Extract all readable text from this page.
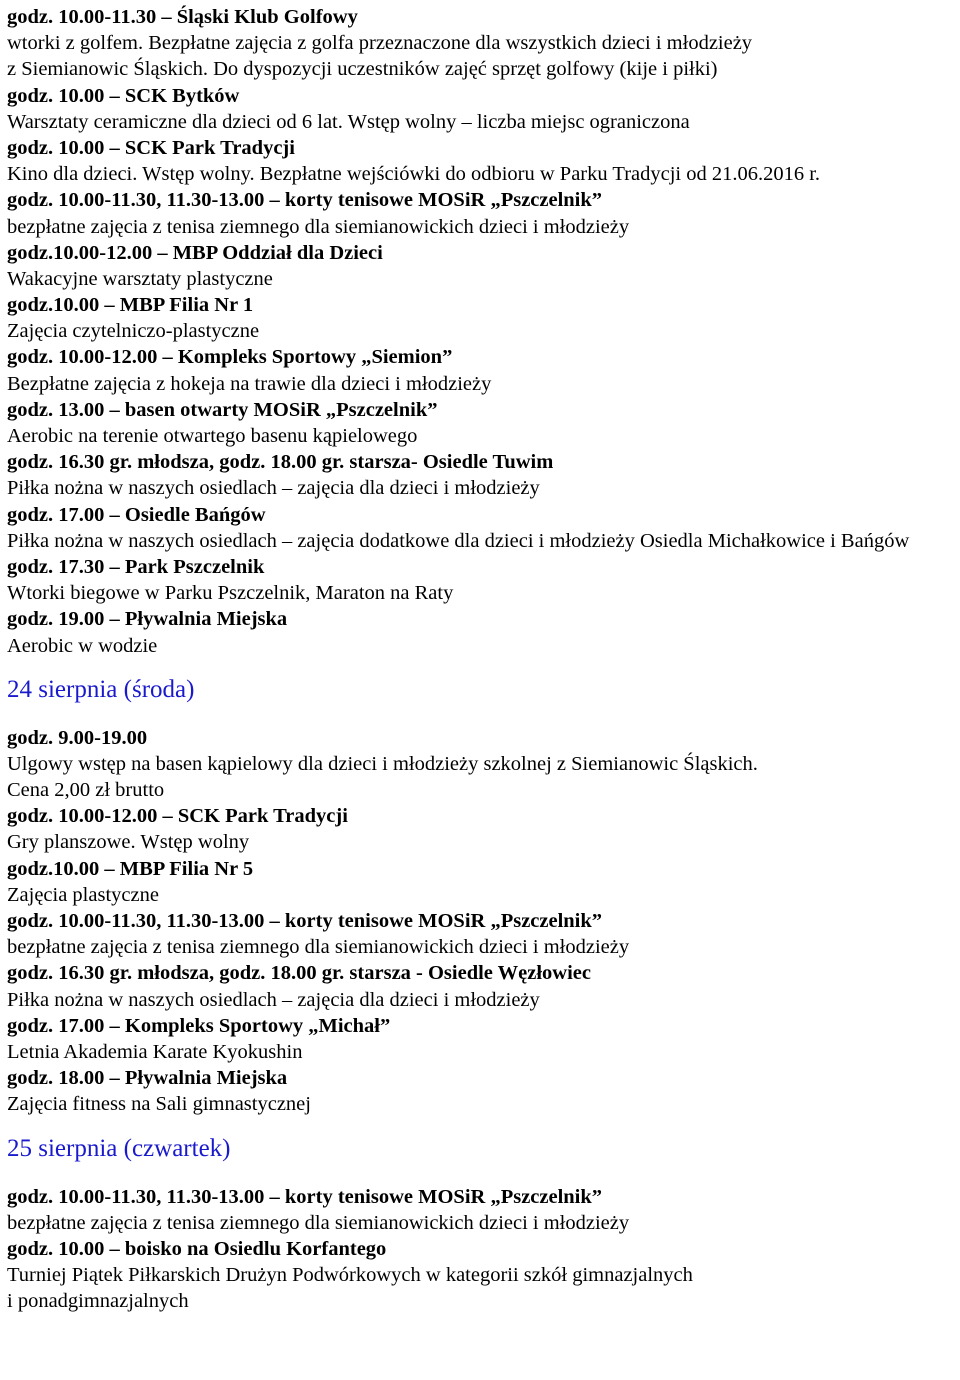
godz. 10.00-11.30 – Śląski Klub Golfowy
wtorki z golfem. Bezpłatne zajęcia z golfa przeznaczone dla wszystkich dzieci i młodzieży
z Siemianowic Śląskich. Do dyspozycji uczestników zajęć sprzęt golfowy (kije i piłki)
godz. 10.00 – SCK Bytków
Warsztaty ceramiczne dla dzieci od 6 lat. Wstęp wolny – liczba miejsc ograniczona
godz. 10.00 – SCK Park Tradycji
Kino dla dzieci. Wstęp wolny. Bezpłatne wejściówki do odbioru w Parku Tradycji od 21.06.2016 r.
godz. 10.00-11.30, 11.30-13.00 – korty tenisowe MOSiR „Pszczelnik”
bezpłatne zajęcia z tenisa ziemnego dla siemianowickich dzieci i młodzieży
godz.10.00-12.00 – MBP Oddział dla Dzieci
Wakacyjne warsztaty plastyczne
godz.10.00 – MBP Filia Nr 1
Zajęcia czytelniczo-plastyczne
godz. 10.00-12.00 – Kompleks Sportowy „Siemion”
Bezpłatne zajęcia z hokeja na trawie dla dzieci i młodzieży
godz. 13.00 – basen otwarty MOSiR „Pszczelnik”
Aerobic na terenie otwartego basenu kąpielowego
godz. 16.30 gr. młodsza, godz. 18.00 gr. starsza- Osiedle Tuwim
Piłka nożna w naszych osiedlach – zajęcia dla dzieci i młodzieży
godz. 17.00 – Osiedle Bańgów
Piłka nożna w naszych osiedlach – zajęcia dodatkowe dla dzieci i młodzieży Osiedla Michałkowice i Bańgów
godz. 17.30 – Park Pszczelnik
Wtorki biegowe w Parku Pszczelnik, Maraton na Raty
godz. 19.00 – Pływalnia Miejska
Aerobic w wodzie
24 sierpnia (środa)
godz. 9.00-19.00
Ulgowy wstęp na basen kąpielowy dla dzieci i młodzieży szkolnej z Siemianowic Śląskich.
Cena 2,00 zł brutto
godz. 10.00-12.00 – SCK Park Tradycji
Gry planszowe. Wstęp wolny
godz.10.00 – MBP Filia Nr 5
Zajęcia plastyczne
godz. 10.00-11.30, 11.30-13.00 – korty tenisowe MOSiR „Pszczelnik”
bezpłatne zajęcia z tenisa ziemnego dla siemianowickich dzieci i młodzieży
godz. 16.30 gr. młodsza, godz. 18.00 gr. starsza - Osiedle Węzłowiec
Piłka nożna w naszych osiedlach – zajęcia dla dzieci i młodzieży
godz. 17.00 – Kompleks Sportowy „Michał”
Letnia Akademia Karate Kyokushin
godz. 18.00 – Pływalnia Miejska
Zajęcia fitness na Sali gimnastycznej
25 sierpnia (czwartek)
godz. 10.00-11.30, 11.30-13.00 – korty tenisowe MOSiR „Pszczelnik”
bezpłatne zajęcia z tenisa ziemnego dla siemianowickich dzieci i młodzieży
godz. 10.00 – boisko na Osiedlu Korfantego
Turniej Piątek Piłkarskich Drużyn Podwórkowych w kategorii szkół gimnazjalnych
i ponadgimnazjalnych
